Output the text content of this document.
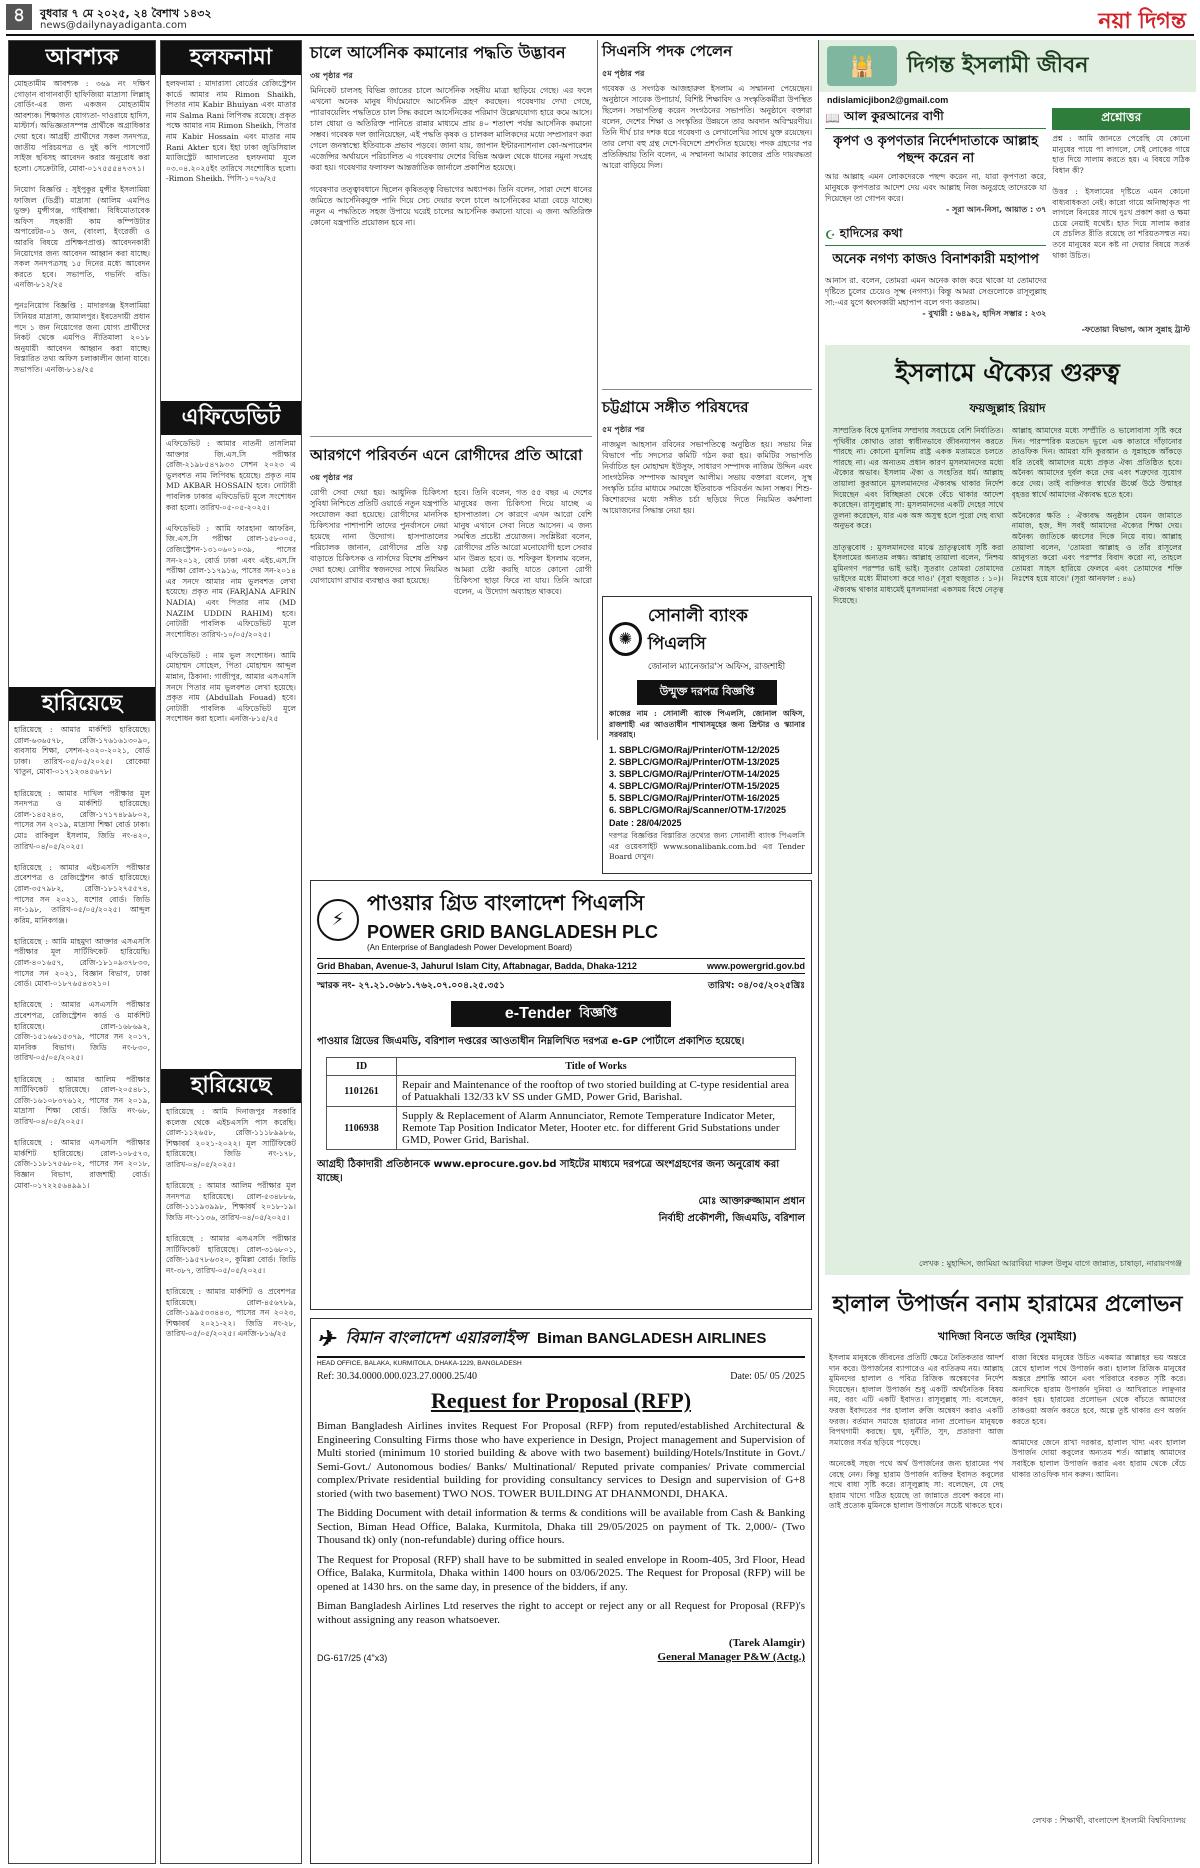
৪	বুধবার ৭ মে ২০২৫, ২৪ বৈশাখ ১৪৩২
news@dailynayadiganta.com	নয়া দিগন্ত
আবশ্যক
মোহতামীম আবশ্যক : ৩৬৯ নং দক্ষিণ গোড়ান বাগানবাড়ী হাফিজিয়া মাদ্রাসা লিল্লাহ্‌ বোর্ডিং-এর জন্য একজন মোহতামীম আবশ্যক। শিক্ষাগত যোগ্যতা- দাওরায়ে হাদিস, মাস্টার্স। অভিজ্ঞতাসম্পন্ন প্রার্থীকে অগ্রাধিকার দেয়া হবে। আগ্রহী প্রার্থীদের সকল সনদপত্র, জাতীয় পরিচয়পত্র ও দুই কপি পাসপোর্ট সাইজ ছবিসহ আবেদন করার অনুরোধ করা হলো। সেক্রেটারি, মোবা-০১৭৫৫৫৪৭৩৭১।

নিয়োগ বিজ্ঞপ্তি : সুইপুকুর মুন্সীর ইসলামিয়া ফাজিল (ডিগ্রী) মাদ্রাসা (আলিম এমপিও ভুক্ত) মুন্সীগঞ্জ, গাইবান্ধা। বিধিমোতাবেক অফিস সহকারী কাম কম্পিউটার অপারেটর-০১ জন, (বাংলা, ইংরেজী ও আরবি বিষয়ে প্রশিক্ষণপ্রাপ্ত) আবেদনকারী নিয়োগের জন্য আবেদন আহ্বান করা যাচ্ছে। সকল সনদপত্রসহ ১৫ দিনের মধ্যে আবেদন করতে হবে। সভাপতি, গভর্নিং বডি। এনজি-৮১২/২৫

পুনঃনিয়োগ বিজ্ঞপ্তি : মাদারগঞ্জ ইসলামিয়া সিনিয়র মাদ্রাসা, জামালপুর। ইবতেদায়ী প্রধান পদে ১ জন নিয়োগের জন্য যোগ্য প্রার্থীদের নিকট থেকে এমপিও নীতিমালা ২০১৮ অনুযায়ী আবেদন আহ্বান করা যাচ্ছে। বিস্তারিত তথ্য অফিস চলাকালীন জানা যাবে। সভাপতি। এনজি-৮১৪/২৫
হারিয়েছে
হারিয়েছে : আমার মার্কশিট হারিয়েছে। রোল-৬৩৬৫৭৮, রেজি-১৭৬১৬১৩০৯০, ব্যবসায় শিক্ষা, সেশন-২০২০-২০২১, বোর্ড ঢাকা। তারিখ-০৫/০৫/২০২৫। রোকেয়া খাতুন, মোবা-০১৭১২৩৪৫৬৭৮।

হারিয়েছে : আমার দাখিল পরীক্ষার মূল সনদপত্র ও মার্কশিট হারিয়েছে। রোল-১৪৫২৪৩, রেজি-১৭১৭৪৮৯৮০২, পাসের সন ২০১৯, মাদ্রাসা শিক্ষা বোর্ড ঢাকা। মোঃ রাকিবুল ইসলাম, জিডি নং-৪২০, তারিখ-০৪/০৫/২০২৫।

হারিয়েছে : আমার এইচএসসি পরীক্ষার প্রবেশপত্র ও রেজিস্ট্রেশন কার্ড হারিয়েছে। রোল-৩৫৭৯৮২, রেজি-১৮১২৭৫৫৭৪, পাসের সন ২০২১, যশোর বোর্ড। জিডি নং-১৯৮, তারিখ-০৫/০৫/২০২৫। আব্দুল করিম, মানিকগঞ্জ।

হারিয়েছে : আমি মাহমুদা আক্তার এসএসসি পরীক্ষার মূল সার্টিফিকেট হারিয়েছি। রোল-৪০১৬৫৭, রেজি-১৮১০৯৩৭৮৩৩, পাসের সন ২০২১, বিজ্ঞান বিভাগ, ঢাকা বোর্ড। মোবা-০১৮৭৬৫৪৩২১০।

হারিয়েছে : আমার এসএসসি পরীক্ষার প্রবেশপত্র, রেজিস্ট্রেশন কার্ড ও মার্কশিট হারিয়েছে। রোল-১৬৮৬৯২, রেজি-১৫১৬৬১৫৩৭৯, পাসের সন ২০১৭, মানবিক বিভাগ। জিডি নং-৮৩০, তারিখ-০৫/০৫/২০২৫।

হারিয়েছে : আমার আলিম পরীক্ষার সার্টিফিকেট হারিয়েছে। রোল-২০৫৪৮১, রেজি-১৬১০৮৩৭৬১২, পাসের সন ২০১৯, মাদ্রাসা শিক্ষা বোর্ড। জিডি নং-৬৮, তারিখ-০৪/০৫/২০২৫।

হারিয়েছে : আমার এসএসসি পরীক্ষার মার্কশিট হারিয়েছে। রোল-১০৮৫৭৩, রেজি-১১৮১৭৫৬৮০২, পাসের সন ২০১৮, বিজ্ঞান বিভাগ, রাজশাহী বোর্ড। মোবা-০১৭২২৫৬৪৯৯১।
হলফনামা
হলফনামা : মাদারাসা বোর্ডের রেজিস্ট্রেশন কার্ডে আমার নাম Rimon Shaikh, পিতার নাম Kabir Bhuiyan এবং মাতার নাম Salma Rani লিপিবদ্ধ রয়েছে। প্রকৃত পক্ষে আমার নাম Rimon Sheikh, পিতার নাম Kabir Hossain এবং মাতার নাম Rani Akter হবে। ইহা ঢাকা জুডিসিয়াল ম্যাজিস্ট্রেট আদালতের হলফনামা মূলে ০৩.০৪.২০২৫ইং তারিখে সংশোধিত হলো। -Rimon Sheikh. পিসি-১০৭৬/২৫
এফিডেভিট
এফিডেভিট : আমার নাতনী তাসলিমা আক্তার জি.এস.সি পরীক্ষার রেজি-২১৯৮৫৪৭৯৩৩ সেশন ২০২৩ এ ভুলবশত নাম লিপিবদ্ধ হয়েছে। প্রকৃত নাম MD AKBAR HOSSAIN হবে। নোটারী পাবলিক ঢাকার এফিডেভিট মূলে সংশোধন করা হলো। তারিখ-০৫-০৫-২০২৫।

এফিডেভিট : আমি ফারহানা আফরিন, জি.এস.সি পরীক্ষা রোল-১৫৮০০৫, রেজিস্ট্রেশন-১৩১০৬০১০৩৯, পাসের সন-২০১২, বোর্ড ঢাকা এবং এইচ.এস.সি পরীক্ষা রোল-১১৭৯১৬, পাসের সন-২০১৪ এর সনদে আমার নাম ভুলবশত লেখা হয়েছে। প্রকৃত নাম (FARJANA AFRIN NADIA) এবং পিতার নাম (MD NAZIM UDDIN RAHIM) হবে। নোটারী পাবলিক এফিডেভিট মূলে সংশোধিত। তারিখ-১০/০৫/২০২৫।

এফিডেভিট : নাম ভুল সংশোধন। আমি মোহাম্মদ সোহেল, পিতা মোহাম্মদ আব্দুল মান্নান, ঠিকানা: গাজীপুর, আমার এসএসসি সনদে পিতার নাম ভুলবশত লেখা হয়েছে। প্রকৃত নাম (Abdullah Fouad) হবে। নোটারী পাবলিক এফিডেভিট মূলে সংশোধন করা হলো। এনজি-৮১৫/২৫
হারিয়েছে
হারিয়েছে : আমি দিনাজপুর সরকারি কলেজ থেকে এইচএসসি পাস করেছি। রোল-১১২৬৫৮, রেজি-১১১৮৯৯৮৬, শিক্ষাবর্ষ ২০২১-২০২২। মূল সার্টিফিকেট হারিয়েছে। জিডি নং-১৭৮, তারিখ-০৪/০৫/২০২৫।

হারিয়েছে : আমার আলিম পরীক্ষার মূল সনদপত্র হারিয়েছে। রোল-৫৩৪৮৮৬, রেজি-১১১৯৩৯৯৮, শিক্ষাবর্ষ ২০১৮-১৯। জিডি নং-১১৩৬, তারিখ-০৪/০৫/২০২৫।

হারিয়েছে : আমার এসএসসি পরীক্ষার সার্টিফিকেট হারিয়েছে। রোল-৩১৬৮০১, রেজি-১৯৫৭৮৬৩২০, কুমিল্লা বোর্ড। জিডি নং-৩৮৭, তারিখ-০৫/০৫/২০২৫।

হারিয়েছে : আমার মার্কশিট ও প্রবেশপত্র হারিয়েছে। রোল-৪৫৬৭৮৯, রেজি-১৯৯৫৩৩৪৪৩, পাসের সন ২০২৩, শিক্ষাবর্ষ ২০২১-২২। জিডি নং-২৮, তারিখ-০৫/০৫/২০২৫। এনজি-৮১৬/২৫
চালে আর্সেনিক কমানোর পদ্ধতি উদ্ভাবন
৩য় পৃষ্ঠার পর
মিনিকেট চালসহ বিভিন্ন জাতের চালে আর্সেনিক সহনীয় মাত্রা ছাড়িয়ে গেছে। এর ফলে এখনো অনেক মানুষ দীর্ঘমেয়াদে আর্সেনিক গ্রহণ করছেন। গবেষণায় দেখা গেছে, প্যারাবয়েলিং পদ্ধতিতে চাল সিদ্ধ করলে আর্সেনিকের পরিমাণ উল্লেখযোগ্য হারে কমে আসে। চাল ধোয়া ও অতিরিক্ত পানিতে রান্নার মাধ্যমে প্রায় ৪০ শতাংশ পর্যন্ত আর্সেনিক কমানো সম্ভব। গবেষক দল জানিয়েছেন, এই পদ্ধতি কৃষক ও চালকল মালিকদের মধ্যে সম্প্রসারণ করা গেলে জনস্বাস্থ্যে ইতিবাচক প্রভাব পড়বে। জানা যায়, জাপান ইন্টারন্যাশনাল কো-অপারেশন এজেন্সির অর্থায়নে পরিচালিত এ গবেষণায় দেশের বিভিন্ন অঞ্চল থেকে ধানের নমুনা সংগ্রহ করা হয়। গবেষণার ফলাফল আন্তর্জাতিক জার্নালে প্রকাশিত হয়েছে।

গবেষণার তত্ত্বাবধানে ছিলেন কৃষিতত্ত্ব বিভাগের অধ্যাপক। তিনি বলেন, সারা দেশে ধানের জমিতে আর্সেনিকযুক্ত পানি দিয়ে সেচ দেয়ার ফলে চালে আর্সেনিকের মাত্রা বেড়ে যাচ্ছে। নতুন এ পদ্ধতিতে সহজ উপায়ে ঘরেই চালের আর্সেনিক কমানো যাবে। এ জন্য অতিরিক্ত কোনো যন্ত্রপাতি প্রয়োজন হবে না।
আরগণে পরিবর্তন এনে রোগীদের প্রতি আরো
৩য় পৃষ্ঠার পর
রোগী সেবা দেয়া হয়। আধুনিক চিকিৎসা সুবিধা নিশ্চিতে প্রতিটি ওয়ার্ডে নতুন যন্ত্রপাতি সংযোজন করা হয়েছে। রোগীদের মানসিক চিকিৎসার পাশাপাশি তাদের পুনর্বাসনে নেয়া হয়েছে নানা উদ্যোগ। হাসপাতালের পরিচালক জানান, রোগীদের প্রতি যত্ন বাড়াতে চিকিৎসক ও নার্সদের বিশেষ প্রশিক্ষণ দেয়া হচ্ছে। রোগীর স্বজনদের সাথে নিয়মিত যোগাযোগ রাখার ব্যবস্থাও করা হয়েছে।
হবে। তিনি বলেন, গত ৫৫ বছর এ দেশের মানুষের জন্য চিকিৎসা দিয়ে যাচ্ছে এ হাসপাতাল। সে কারণে এখন আরো বেশি মানুষ এখানে সেবা নিতে আসেন। এ জন্য সমন্বিত প্রচেষ্টা প্রয়োজন। সংশ্লিষ্টরা বলেন, রোগীদের প্রতি আরো মনোযোগী হলে সেবার মান উন্নত হবে। ড. শফিকুল ইসলাম বলেন, আমরা চেষ্টা করছি যাতে কোনো রোগী চিকিৎসা ছাড়া ফিরে না যায়। তিনি আরো বলেন, এ উদ্যোগ অব্যাহত থাকবে।
সিএনসি পদক পেলেন
৫ম পৃষ্ঠার পর
গবেষক ও সংগঠক আজহারুল ইসলাম এ সম্মাননা পেয়েছেন। অনুষ্ঠানে সাবেক উপাচার্য, বিশিষ্ট শিক্ষাবিদ ও সংস্কৃতিকর্মীরা উপস্থিত ছিলেন। সভাপতিত্ব করেন সংগঠনের সভাপতি। অনুষ্ঠানে বক্তারা বলেন, দেশের শিক্ষা ও সংস্কৃতির উন্নয়নে তার অবদান অবিস্মরণীয়। তিনি দীর্ঘ চার দশক ধরে গবেষণা ও লেখালেখির সাথে যুক্ত রয়েছেন। তার লেখা বহু গ্রন্থ দেশে-বিদেশে প্রশংসিত হয়েছে। পদক গ্রহণের পর প্রতিক্রিয়ায় তিনি বলেন, এ সম্মাননা আমার কাজের প্রতি দায়বদ্ধতা আরো বাড়িয়ে দিল।
চট্টগ্রামে সঙ্গীত পরিষদের
৫ম পৃষ্ঠার পর
নাজমুল আহসান রবিনের সভাপতিত্বে অনুষ্ঠিত হয়। সভায় নিম্ন বিভাগে পাঁচ সদস্যের কমিটি গঠন করা হয়। কমিটির সভাপতি নির্বাচিত হন মোহাম্মদ ইউসুফ, সাধারণ সম্পাদক নাজিম উদ্দিন এবং সাংগঠনিক সম্পাদক আবদুল আলীম। সভায় বক্তারা বলেন, সুস্থ সংস্কৃতি চর্চার মাধ্যমে সমাজে ইতিবাচক পরিবর্তন আনা সম্ভব। শিশু-কিশোরদের মধ্যে সঙ্গীত চর্চা ছড়িয়ে দিতে নিয়মিত কর্মশালা আয়োজনের সিদ্ধান্ত নেয়া হয়।
✺
সোনালী ব্যাংক পিএলসি
জোনাল ম্যানেজার'স অফিস, রাজশাহী
উন্মুক্ত দরপত্র বিজ্ঞপ্তি
কাজের নাম : সোনালী ব্যাংক পিএলসি, জোনাল অফিস, রাজশাহী এর আওতাধীন শাখাসমূহের জন্য প্রিন্টার ও স্ক্যানার সরবরাহ।
1. SBPLC/GMO/Raj/Printer/OTM-12/2025
2. SBPLC/GMO/Raj/Printer/OTM-13/2025
3. SBPLC/GMO/Raj/Printer/OTM-14/2025
4. SBPLC/GMO/Raj/Printer/OTM-15/2025
5. SBPLC/GMO/Raj/Printer/OTM-16/2025
6. SBPLC/GMO/Raj/Scanner/OTM-17/2025
Date : 28/04/2025
দরপত্র বিজ্ঞপ্তির বিস্তারিত তথ্যের জন্য সোনালী ব্যাংক পিএলসি এর ওয়েবসাইট www.sonalibank.com.bd এর Tender Board দেখুন।
⚡
পাওয়ার গ্রিড বাংলাদেশ পিএলসি
POWER GRID BANGLADESH PLC
(An Enterprise of Bangladesh Power Development Board)
Grid Bhaban, Avenue-3, Jahurul Islam City, Aftabnagar, Badda, Dhaka-1212	www.powergrid.gov.bd
স্মারক নং- ২৭.২১.০৬৮১.৭৬২.০৭.০০৪.২৫.৩৫১	তারিখ: ০৪/০৫/২০২৫খ্রিঃ
e-Tender বিজ্ঞপ্তি
পাওয়ার গ্রিডের জিএমডি, বরিশাল দপ্তরের আওতাধীন নিম্নলিখিত দরপত্র e-GP পোর্টালে প্রকাশিত হয়েছে।
ID	Title of Works
1101261	Repair and Maintenance of the rooftop of two storied building at C-type residential area of Patuakhali 132/33 kV SS under GMD, Power Grid, Barishal.
1106938	Supply & Replacement of Alarm Annunciator, Remote Temperature Indicator Meter, Remote Tap Position Indicator Meter, Hooter etc. for different Grid Substations under GMD, Power Grid, Barishal.
আগ্রহী ঠিকাদারী প্রতিষ্ঠানকে www.eprocure.gov.bd সাইটের মাধ্যমে দরপত্রে অংশগ্রহণের জন্য অনুরোধ করা যাচ্ছে।
মোঃ আক্তারুজ্জামান প্রধান
নির্বাহী প্রকৌশলী, জিএমডি, বরিশাল
✈ বিমান বাংলাদেশ এয়ারলাইন্স Biman BANGLADESH AIRLINES
HEAD OFFICE, BALAKA, KURMITOLA, DHAKA-1229, BANGLADESH
Ref: 30.34.0000.000.023.27.0000.25/40	Date: 05/ 05 /2025
Request for Proposal (RFP)
Biman Bangladesh Airlines invites Request For Proposal (RFP) from reputed/established Architectural & Engineering Consulting Firms those who have experience in Design, Project management and Supervision of Multi storied (minimum 10 storied building & above with two basement) building/Hotels/Institute in Govt./ Semi-Govt./ Autonomous bodies/ Banks/ Multinational/ Reputed private companies/ Private commercial complex/Private residential building for providing consultancy services to Design and supervision of G+8 storied (with two basement) TWO NOS. TOWER BUILDING AT DHANMONDI, DHAKA.
The Bidding Document with detail information & terms & conditions will be available from Cash & Banking Section, Biman Head Office, Balaka, Kurmitola, Dhaka till 29/05/2025 on payment of Tk. 2,000/- (Two Thousand tk) only (non-refundable) during office hours.
The Request for Proposal (RFP) shall have to be submitted in sealed envelope in Room-405, 3rd Floor, Head Office, Balaka, Kurmitola, Dhaka within 1400 hours on 03/06/2025. The Request for Proposal (RFP) will be opened at 1430 hrs. on the same day, in presence of the bidders, if any.
Biman Bangladesh Airlines Ltd reserves the right to accept or reject any or all Request for Proposal (RFP)'s without assigning any reason whatsoever.
(Tarek Alamgir)
DG-617/25 (4"x3)	General Manager P&W (Actg.)
🕌	দিগন্ত ইসলামী জীবন
ndislamicjibon2@gmail.com
📖 আল কুরআনের বাণী
কৃপণ ও কৃপণতার নির্দেশদাতাকে আল্লাহ পছন্দ করেন না
আর আল্লাহ এমন লোকদেরকে পছন্দ করেন না, যারা কৃপণতা করে, মানুষকে কৃপণতার আদেশ দেয় এবং আল্লাহ নিজ অনুগ্রহে তাদেরকে যা দিয়েছেন তা গোপন করে।
- সূরা আন-নিসা, আয়াত : ৩৭
☪ হাদিসের কথা
অনেক নগণ্য কাজও বিনাশকারী মহাপাপ
আনাস রা. বলেন, তোমরা এমন অনেক কাজ করে থাকো যা তোমাদের দৃষ্টিতে চুলের চেয়েও সূক্ষ্ম (নগণ্য)। কিন্তু আমরা সেগুলোকে রাসূলুল্লাহ সা:-এর যুগে ধ্বংসকারী মহাপাপ বলে গণ্য করতাম।
- বুখারী : ৬৪৯২, হাদিস সম্ভার : ২৩২
প্রশ্নোত্তর
প্রশ্ন : আমি জানতে পেরেছি যে কোনো মানুষের পায়ে পা লাগলে, সেই লোকের গায়ে হাত দিয়ে সালাম করতে হয়। এ বিষয়ে সঠিক বিধান কী?

উত্তর : ইসলামের দৃষ্টিতে এমন কোনো বাধ্যবাধকতা নেই। কারো গায়ে অনিচ্ছাকৃত পা লাগলে বিনয়ের সাথে দুঃখ প্রকাশ করা ও ক্ষমা চেয়ে নেয়াই যথেষ্ট। হাত দিয়ে সালাম করার যে প্রচলিত রীতি রয়েছে তা শরিয়তসম্মত নয়। তবে মানুষের মনে কষ্ট না দেয়ার বিষয়ে সতর্ক থাকা উচিত।
-ফতোয়া বিভাগ, আস সুন্নাহ ট্রাস্ট
ইসলামে ঐক্যের গুরুত্ব
ফয়জুল্লাহ রিয়াদ
সাম্প্রতিক বিশ্বে মুসলিম সম্প্রদায় সবচেয়ে বেশি নির্যাতিত। পৃথিবীর কোথাও তারা স্বাধীনভাবে জীবনযাপন করতে পারছে না। কোনো মুসলিম রাষ্ট্র একক মতামতে চলতে পারছে না। এর অন্যতম প্রধান কারণ মুসলমানদের মধ্যে ঐক্যের অভাব। ইসলাম ঐক্য ও সংহতির ধর্ম। আল্লাহ তায়ালা কুরআনে মুসলমানদের ঐক্যবদ্ধ থাকার নির্দেশ দিয়েছেন এবং বিচ্ছিন্নতা থেকে বেঁচে থাকার আদেশ করেছেন। রাসূলুল্লাহ সা: মুসলমানদের একটি দেহের সাথে তুলনা করেছেন, যার এক অঙ্গ অসুস্থ হলে পুরো দেহ ব্যথা অনুভব করে।

ভ্রাতৃত্ববোধ : মুসলমানদের মাঝে ভ্রাতৃত্ববোধ সৃষ্টি করা ইসলামের অন্যতম লক্ষ্য। আল্লাহ তায়ালা বলেন, 'নিশ্চয় মুমিনগণ পরস্পর ভাই ভাই। সুতরাং তোমরা তোমাদের ভাইদের মধ্যে মীমাংসা করে দাও।' (সূরা হুজুরাত : ১০)। ঐক্যবদ্ধ থাকার মাধ্যমেই মুসলমানরা একসময় বিশ্বে নেতৃত্ব দিয়েছে।
আল্লাহ আমাদের মধ্যে সম্প্রীতি ও ভালোবাসা সৃষ্টি করে দিন। পারস্পরিক মতভেদ ভুলে এক কাতারে দাঁড়ানোর তাওফিক দিন। আমরা যদি কুরআন ও সুন্নাহকে আঁকড়ে ধরি তবেই আমাদের মধ্যে প্রকৃত ঐক্য প্রতিষ্ঠিত হবে। অনৈক্য আমাদের দুর্বল করে দেয় এবং শত্রুদের সুযোগ করে দেয়। তাই ব্যক্তিগত স্বার্থের ঊর্ধ্বে উঠে উম্মাহর বৃহত্তর স্বার্থে আমাদের ঐক্যবদ্ধ হতে হবে।

অনৈক্যের ক্ষতি : ঐক্যবদ্ধ অনুষ্ঠান যেমন জামাতে নামাজ, হজ, ঈদ সবই আমাদের ঐক্যের শিক্ষা দেয়। অনৈক্য জাতিকে ধ্বংসের দিকে নিয়ে যায়। আল্লাহ তায়ালা বলেন, 'তোমরা আল্লাহ ও তাঁর রাসূলের আনুগত্য করো এবং পরস্পর বিবাদ করো না, তাহলে তোমরা সাহস হারিয়ে ফেলবে এবং তোমাদের শক্তি নিঃশেষ হয়ে যাবে।' (সূরা আনফাল : ৪৬)
লেখক : মুহাদ্দিস, জামিয়া আরাবিয়া দারুল উলুম বাগে জান্নাত, চাষাড়া, নারায়ণগঞ্জ
হালাল উপার্জন বনাম হারামের প্রলোভন
খাদিজা বিনতে জহির (সুমাইয়া)
ইসলাম মানুষকে জীবনের প্রতিটি ক্ষেত্রে নৈতিকতার আদর্শ দান করে। উপার্জনের ব্যাপারেও এর ব্যতিক্রম নয়। আল্লাহ মুমিনদের হালাল ও পবিত্র রিজিক অন্বেষণের নির্দেশ দিয়েছেন। হালাল উপার্জন শুধু একটি অর্থনৈতিক বিষয় নয়, বরং এটি একটি ইবাদত। রাসূলুল্লাহ সা: বলেছেন, ফরজ ইবাদতের পর হালাল রুজি অন্বেষণ করাও একটি ফরজ। বর্তমান সমাজে হারামের নানা প্রলোভন মানুষকে বিপথগামী করছে। ঘুষ, দুর্নীতি, সুদ, প্রতারণা আজ সমাজের সর্বত্র ছড়িয়ে পড়েছে।

অনেকেই সহজ পথে অর্থ উপার্জনের জন্য হারামের পথ বেছে নেন। কিন্তু হারাম উপার্জন ব্যক্তির ইবাদত কবুলের পথে বাধা সৃষ্টি করে। রাসূলুল্লাহ সা: বলেছেন, যে দেহ হারাম খাদ্যে গঠিত হয়েছে তা জান্নাতে প্রবেশ করবে না। তাই প্রত্যেক মুমিনকে হালাল উপার্জনে সচেষ্ট থাকতে হবে।
বাজা বিশ্বের মানুষের উচিত একমাত্র আল্লাহর ভয় অন্তরে রেখে হালাল পথে উপার্জন করা। হালাল রিজিক মানুষের অন্তরে প্রশান্তি আনে এবং পরিবারে বরকত সৃষ্টি করে। অন্যদিকে হারাম উপার্জন দুনিয়া ও আখিরাতে লাঞ্ছনার কারণ হয়। হারামের প্রলোভন থেকে বাঁচতে আমাদের তাকওয়া অর্জন করতে হবে, অল্পে তুষ্ট থাকার গুণ অর্জন করতে হবে।

আমাদের জেনে রাখা দরকার, হালাল খাদ্য এবং হালাল উপার্জন দোয়া কবুলের অন্যতম শর্ত। আল্লাহ আমাদের সবাইকে হালাল উপার্জন করার এবং হারাম থেকে বেঁচে থাকার তাওফিক দান করুন। আমিন।
লেখক : শিক্ষার্থী, বাংলাদেশ ইসলামী বিশ্ববিদ্যালয়
